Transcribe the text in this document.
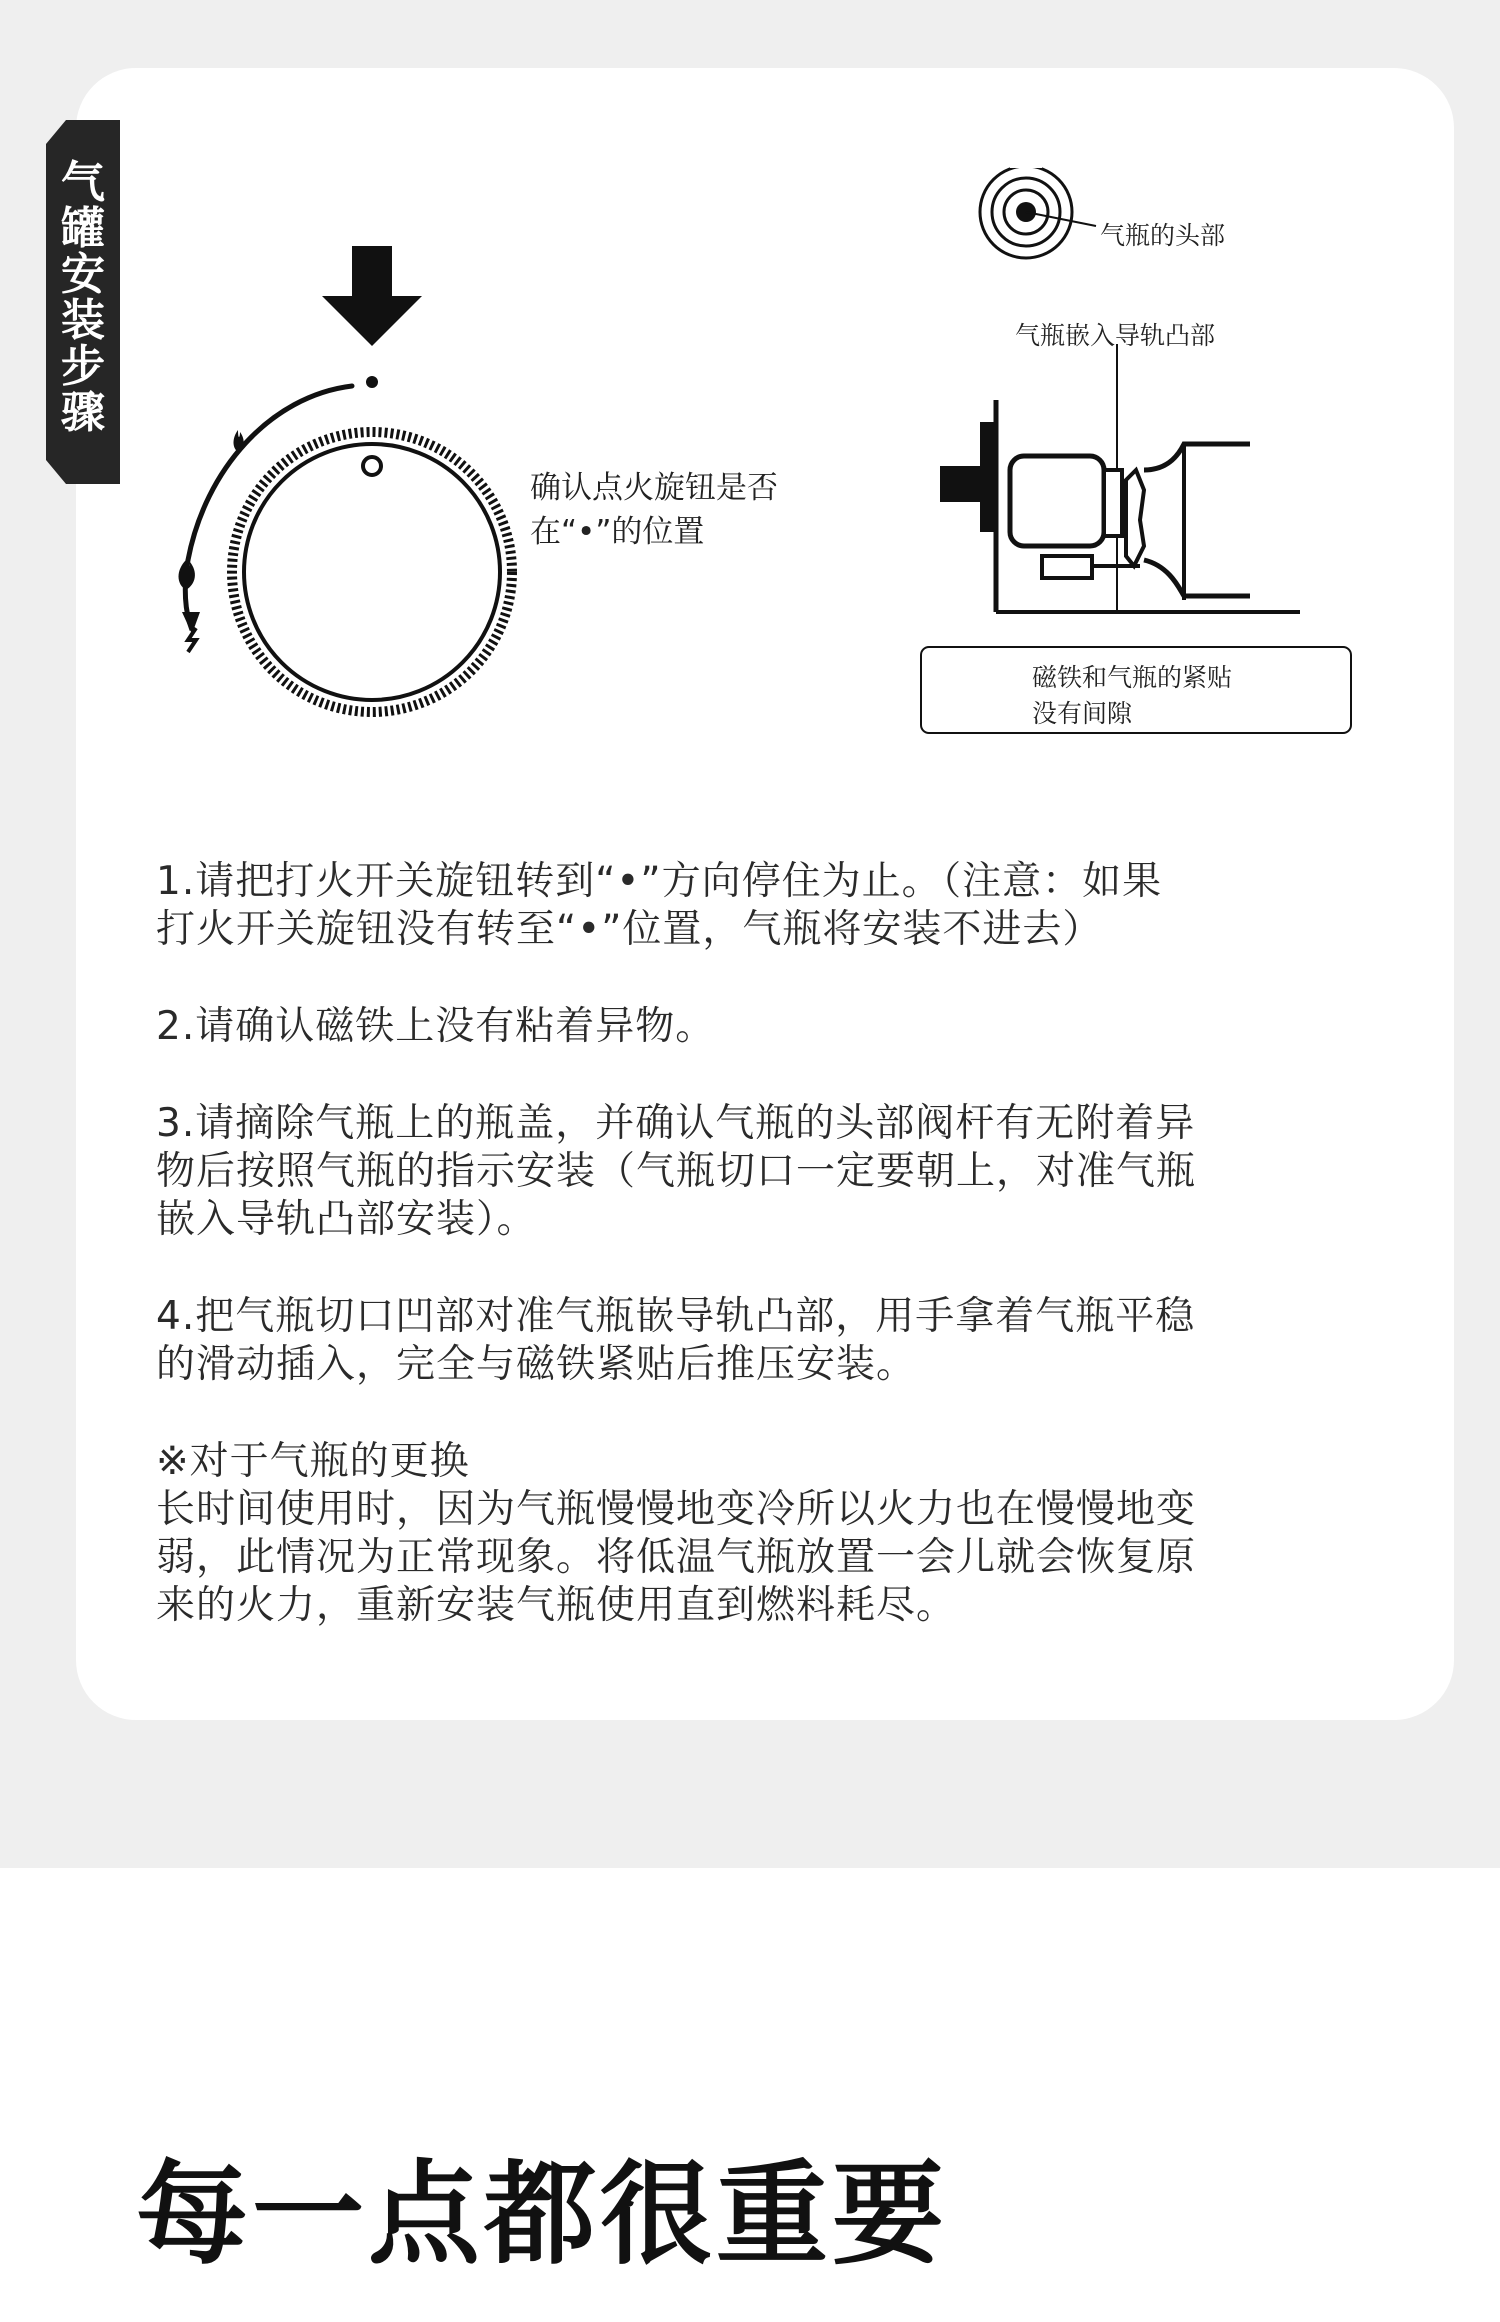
气
罐
安
装
步
骤
确认点火旋钮是否
在“•”的位置
气瓶的头部
气瓶嵌入导轨凸部
磁铁和气瓶的紧贴
没有间隙

1.请把打火开关旋钮转到“•”方向停住为止。（注意：如果
打火开关旋钮没有转至“•”位置，气瓶将安装不进去）

2.请确认磁铁上没有粘着异物。

3.请摘除气瓶上的瓶盖，并确认气瓶的头部阀杆有无附着异
物后按照气瓶的指示安装（气瓶切口一定要朝上，对准气瓶
嵌入导轨凸部安装）。

4.把气瓶切口凹部对准气瓶嵌导轨凸部，用手拿着气瓶平稳
的滑动插入，完全与磁铁紧贴后推压安装。

※对于气瓶的更换
长时间使用时，因为气瓶慢慢地变冷所以火力也在慢慢地变
弱，此情况为正常现象。将低温气瓶放置一会儿就会恢复原
来的火力，重新安装气瓶使用直到燃料耗尽。

每一点都很重要
